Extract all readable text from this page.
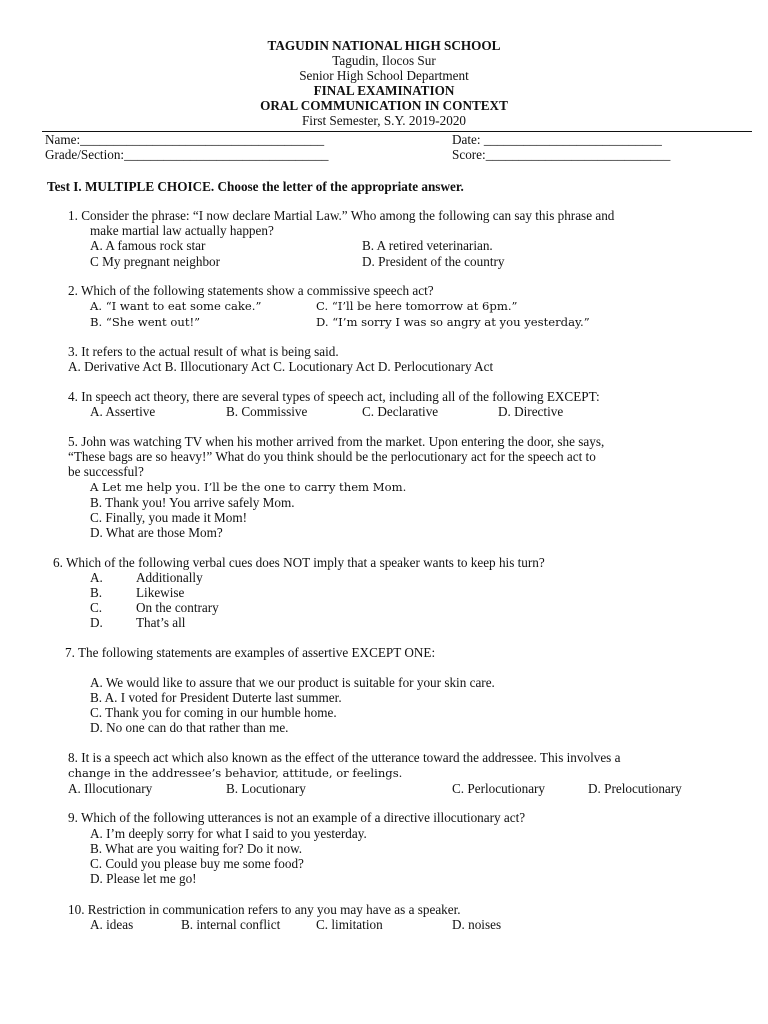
TAGUDIN NATIONAL HIGH SCHOOL
Tagudin, Ilocos Sur
Senior High School Department
FINAL EXAMINATION
ORAL COMMUNICATION IN CONTEXT
First Semester, S.Y. 2019-2020
Name:_____________________________________	Date: ___________________________
Grade/Section:_______________________________	Score:____________________________
Test I. MULTIPLE CHOICE. Choose the letter of the appropriate answer.
1. Consider the phrase: “I now declare Martial Law.” Who among the following can say this phrase and
make martial law actually happen?
A. A famous rock star	B. A retired veterinarian.
C My pregnant neighbor	D. President of the country
2. Which of the following statements show a commissive speech act?
A. “I want to eat some cake.”	C. “I’ll be here tomorrow at 6pm.”
B. “She went out!”	D. “I’m sorry I was so angry at you yesterday.”
3. It refers to the actual result of what is being said.
A. Derivative Act B. Illocutionary Act C. Locutionary Act D. Perlocutionary Act
4. In speech act theory, there are several types of speech act, including all of the following EXCEPT:
A. Assertive	B. Commissive	C. Declarative	D. Directive
5. John was watching TV when his mother arrived from the market. Upon entering the door, she says,
“These bags are so heavy!” What do you think should be the perlocutionary act for the speech act to
be successful?
A Let me help you. I’ll be the one to carry them Mom.
B. Thank you! You arrive safely Mom.
C. Finally, you made it Mom!
D. What are those Mom?
6. Which of the following verbal cues does NOT imply that a speaker wants to keep his turn?
A.	Additionally
B.	Likewise
C.	On the contrary
D.	That’s all
7. The following statements are examples of assertive EXCEPT ONE:
A. We would like to assure that we our product is suitable for your skin care.
B. A. I voted for President Duterte last summer.
C. Thank you for coming in our humble home.
D. No one can do that rather than me.
8. It is a speech act which also known as the effect of the utterance toward the addressee. This involves a
change in the addressee’s behavior, attitude, or feelings.
A. Illocutionary	B. Locutionary	C. Perlocutionary	D. Prelocutionary
9. Which of the following utterances is not an example of a directive illocutionary act?
A. I’m deeply sorry for what I said to you yesterday.
B. What are you waiting for? Do it now.
C. Could you please buy me some food?
D. Please let me go!
10. Restriction in communication refers to any you may have as a speaker.
A. ideas	B. internal conflict	C. limitation	D. noises
